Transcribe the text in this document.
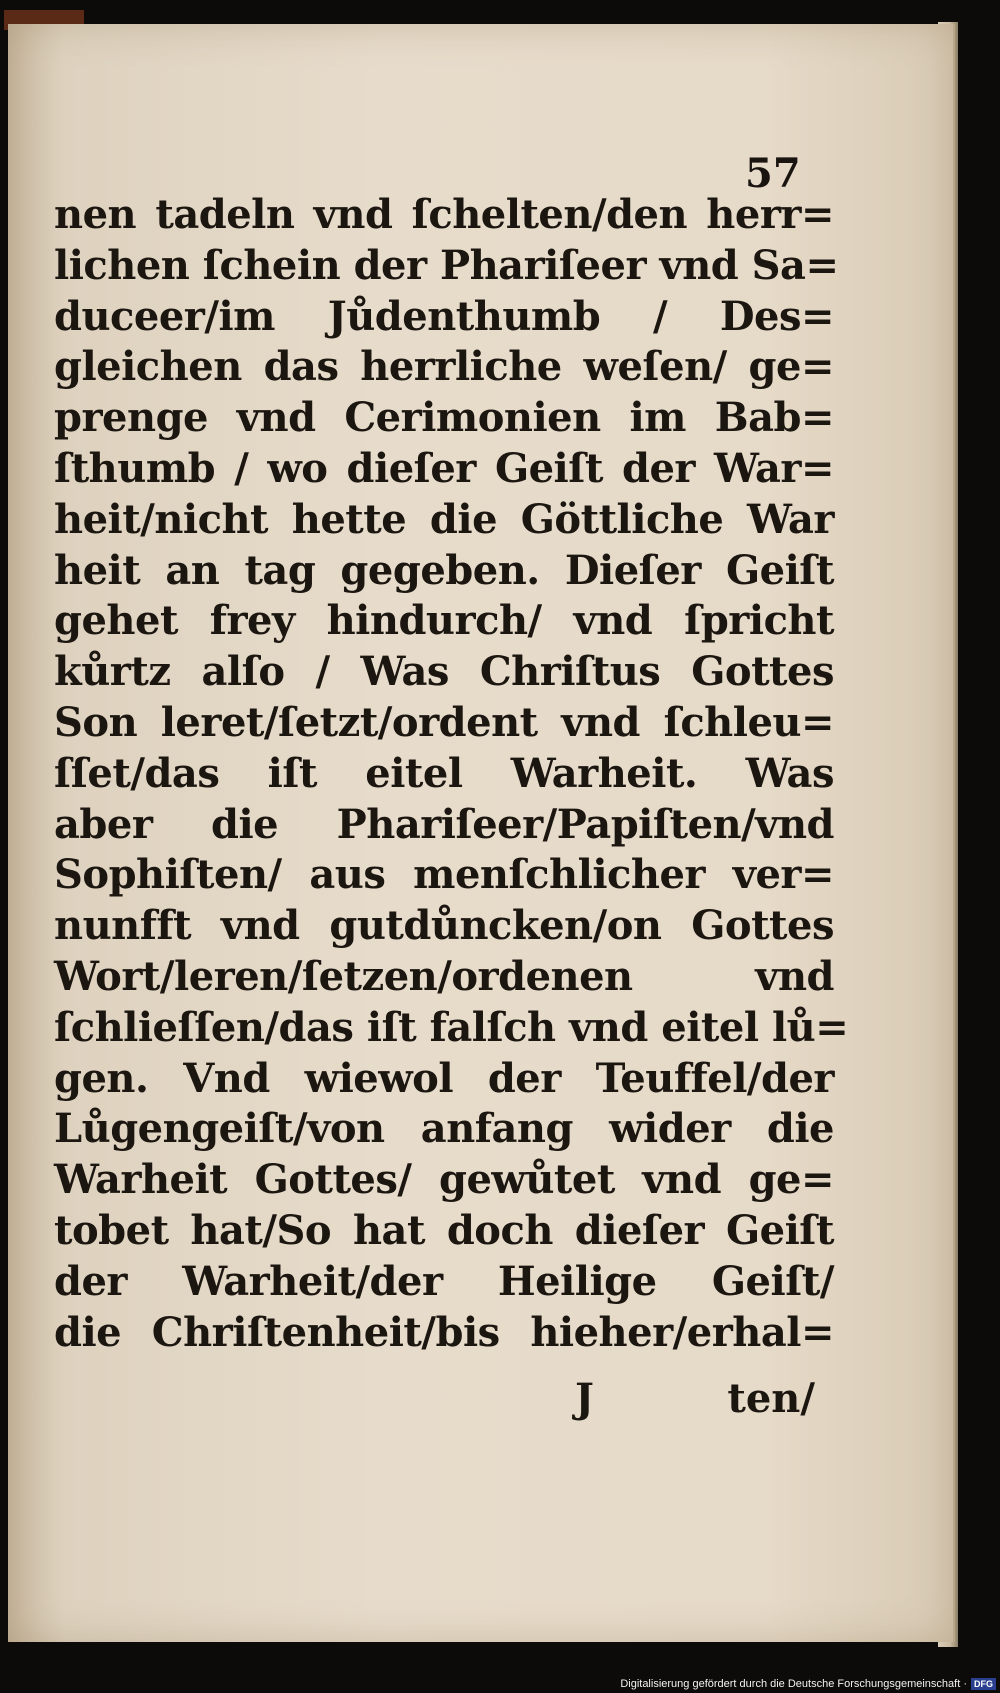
57
nen tadeln vnd ſchelten/den herr=
lichen ſchein der Phariſeer vnd Sa=
duceer/im Jůdenthumb / Des=
gleichen das herrliche weſen/ ge=
prenge vnd Cerimonien im Bab=
ſthumb / wo dieſer Geiſt der War=
heit/nicht hette die Göttliche War
heit an tag gegeben. Dieſer Geiſt
gehet frey hindurch/ vnd ſpricht
kůrtz alſo / Was Chriſtus Gottes
Son leret/ſetzt/ordent vnd ſchleu=
ſſet/das iſt eitel Warheit. Was
aber die Phariſeer/Papiſten/vnd
Sophiſten/ aus menſchlicher ver=
nunfft vnd gutdůncken/on Gottes
Wort/leren/ſetzen/ordenen vnd
ſchlieſſen/das iſt falſch vnd eitel lů=
gen. Vnd wiewol der Teuffel/der
Lůgengeiſt/von anfang wider die
Warheit Gottes/ gewůtet vnd ge=
tobet hat/So hat doch dieſer Geiſt
der Warheit/der Heilige Geiſt/
die Chriſtenheit/bis hieher/erhal=
J	ten/
Digitalisierung gefördert durch die Deutsche Forschungsgemeinschaft · DFG
